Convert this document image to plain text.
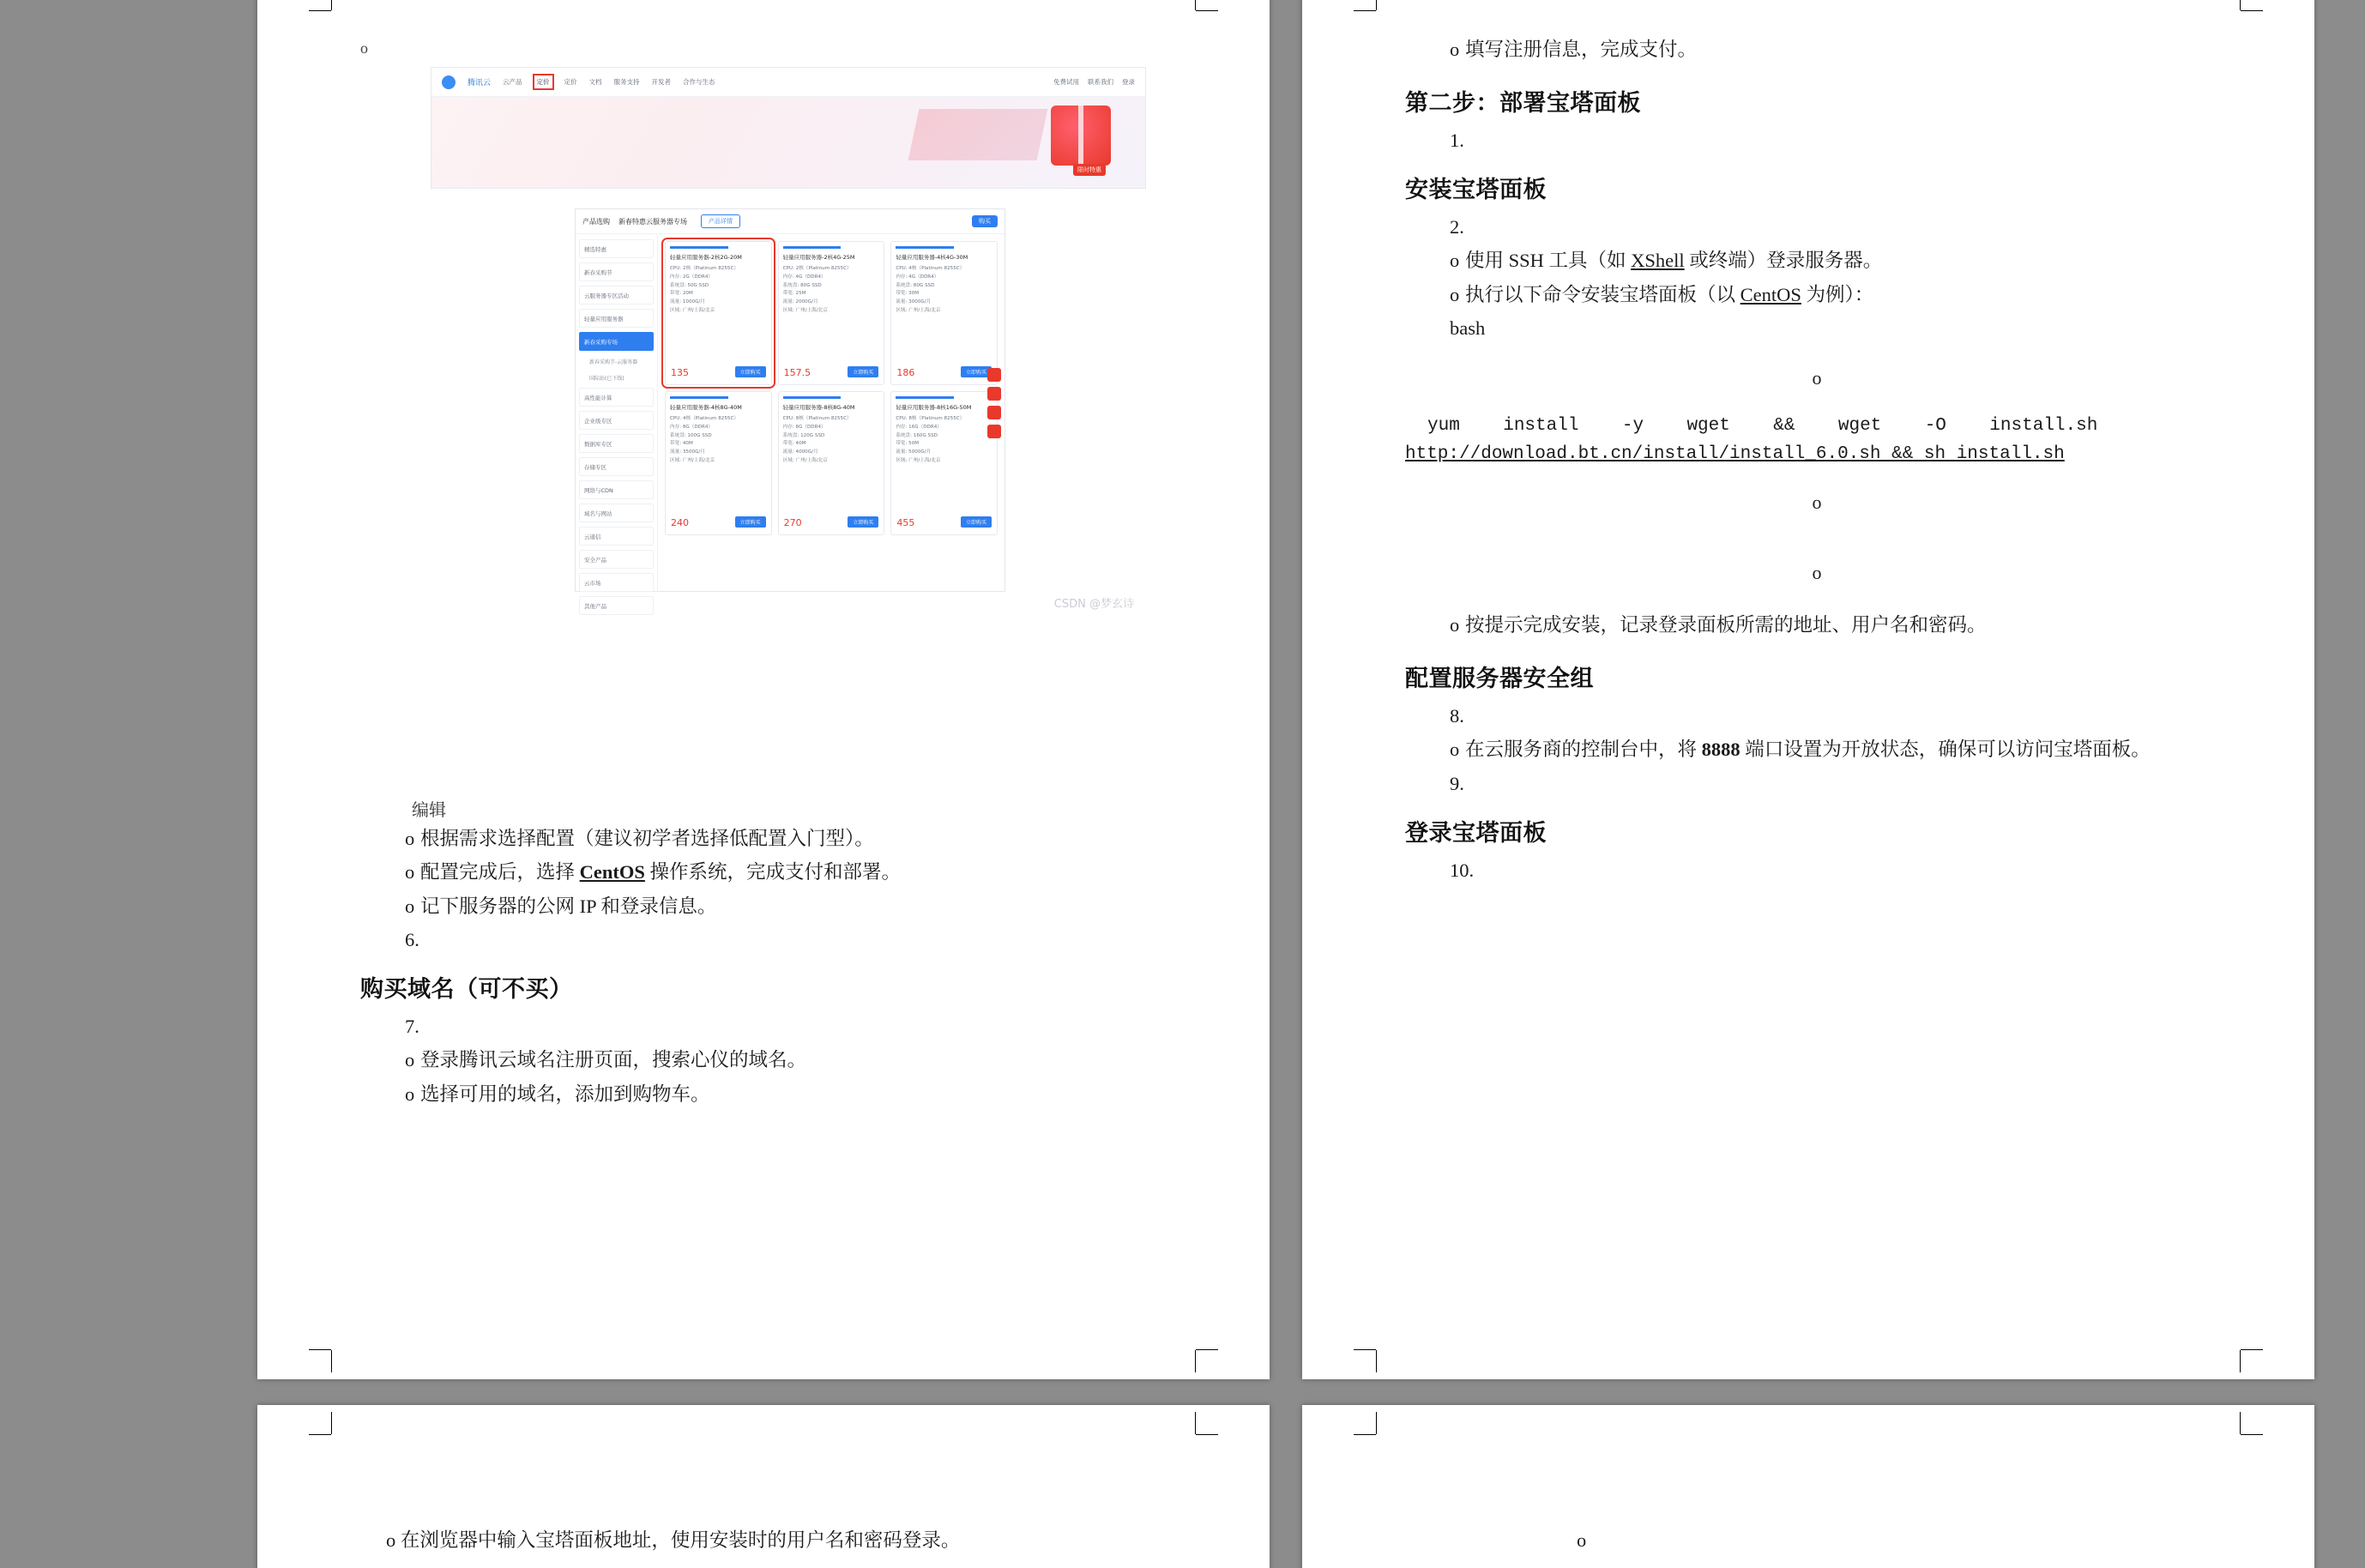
o
腾讯云 云产品	定价	定价 文档 服务支持 开发者 合作与生态	免费试用 联系我们 登录
限时特惠
产品选购 新春特惠云服务器专场	产品详情	购买
精选特惠
新春采购节
云服务器专区活动
轻量应用服务器
新春采购专场
新春采购节-云服务器
国际站(已下线)
高性能计算
企业级专区
数据库专区
存储专区
网络与CDN
域名与网站
云通信
安全产品
云市场
其他产品
轻量应用服务器-2核2G-20M
CPU: 2核（Platinum 8255C）
内存: 2G（DDR4）
系统盘: 50G SSD
带宽: 20M
流量: 1000G/月
区域: 广州/上海/北京
135	立即购买
轻量应用服务器-2核4G-25M
CPU: 2核（Platinum 8255C）
内存: 4G（DDR4）
系统盘: 80G SSD
带宽: 25M
流量: 2000G/月
区域: 广州/上海/北京
157.5	立即购买
轻量应用服务器-4核4G-30M
CPU: 4核（Platinum 8255C）
内存: 4G（DDR4）
系统盘: 80G SSD
带宽: 30M
流量: 3000G/月
区域: 广州/上海/北京
186	立即购买
轻量应用服务器-4核8G-40M
CPU: 4核（Platinum 8255C）
内存: 8G（DDR4）
系统盘: 100G SSD
带宽: 40M
流量: 3500G/月
区域: 广州/上海/北京
240	立即购买
轻量应用服务器-8核8G-40M
CPU: 8核（Platinum 8255C）
内存: 8G（DDR4）
系统盘: 120G SSD
带宽: 40M
流量: 4000G/月
区域: 广州/上海/北京
270	立即购买
轻量应用服务器-8核16G-50M
CPU: 8核（Platinum 8255C）
内存: 16G（DDR4）
系统盘: 160G SSD
带宽: 50M
流量: 5000G/月
区域: 广州/上海/北京
455	立即购买
CSDN @梦玄诗
编辑
o 根据需求选择配置（建议初学者选择低配置入门型）。
o 配置完成后，选择 CentOS 操作系统，完成支付和部署。
o 记下服务器的公网 IP 和登录信息。
6.
购买域名（可不买）
7.
o 登录腾讯云域名注册页面，搜索心仪的域名。
o 选择可用的域名，添加到购物车。
o 填写注册信息，完成支付。
第二步：部署宝塔面板
1.
安装宝塔面板
2.
o 使用 SSH 工具（如 XShell 或终端）登录服务器。
o 执行以下命令安装宝塔面板（以 CentOS 为例）：
bash
o
yum    install    -y    wget    &&    wget    -O    install.sh
http://download.bt.cn/install/install_6.0.sh && sh install.sh
o
o
o 按提示完成安装，记录登录面板所需的地址、用户名和密码。
配置服务器安全组
8.
o 在云服务商的控制台中，将 8888 端口设置为开放状态，确保可以访问宝塔面板。
9.
登录宝塔面板
10.
o 在浏览器中输入宝塔面板地址，使用安装时的用户名和密码登录。	o
